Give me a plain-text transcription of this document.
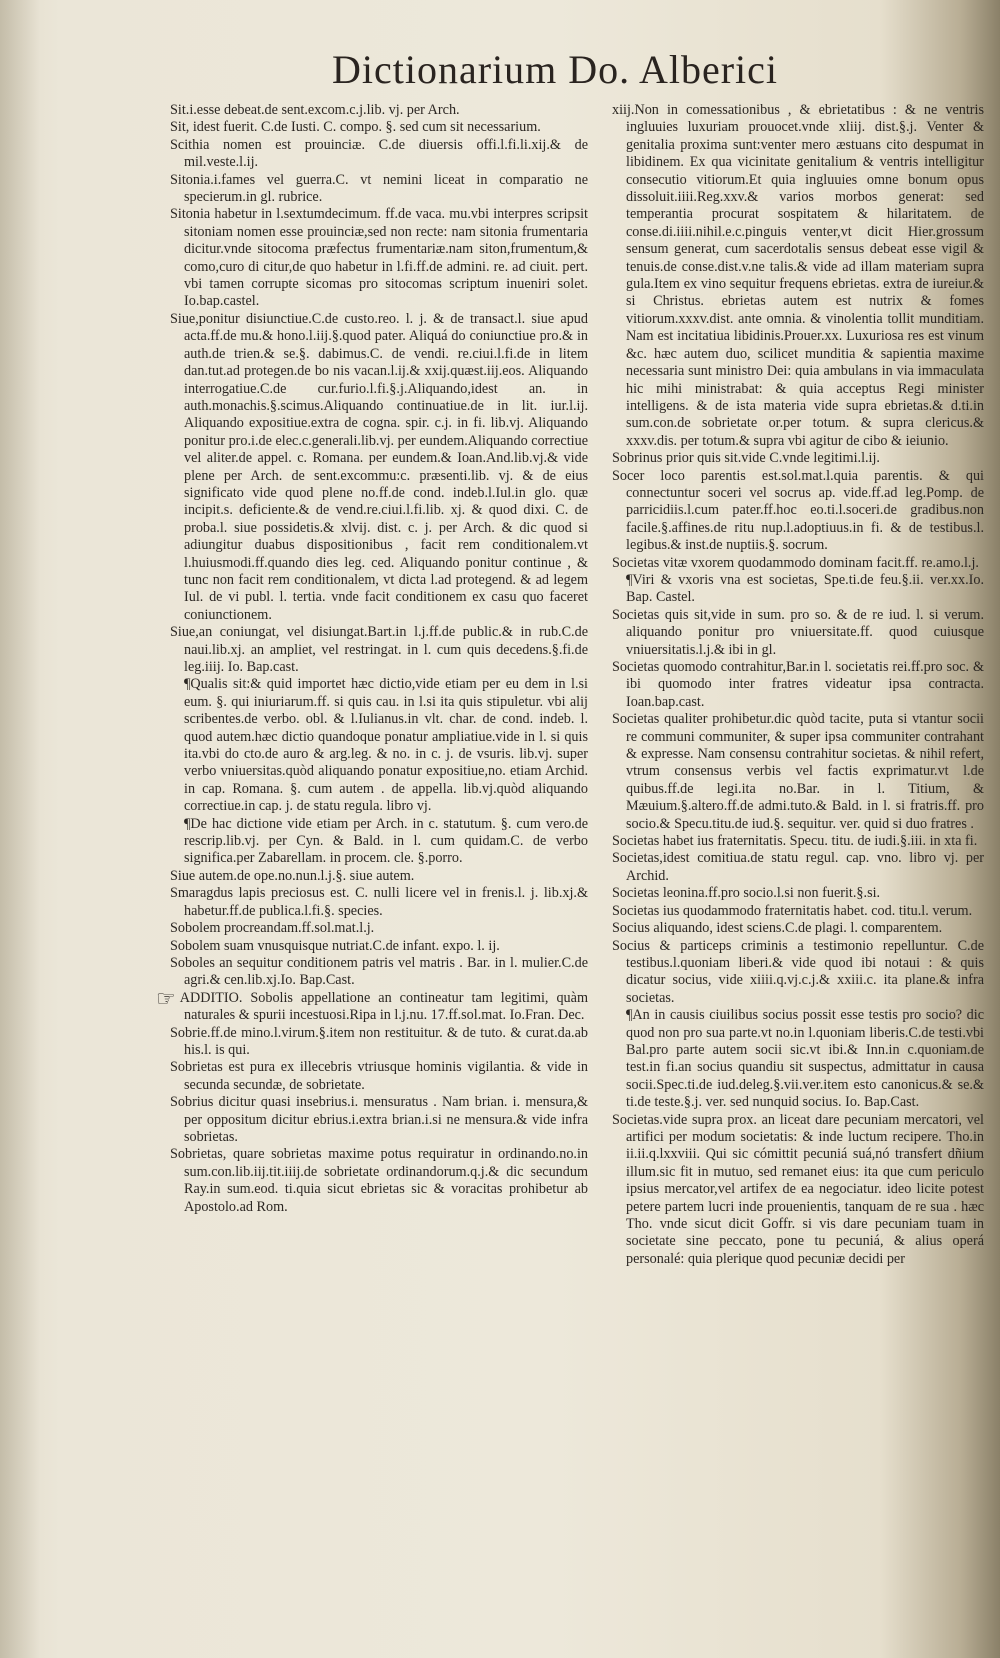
Dictionarium Do. Alberici

Sit.i.esse debeat.de sent.excom.c.j.lib. vj. per Arch.

Sit, idest fuerit. C.de Iusti. C. compo. §. sed cum sit necessarium.

Scithia nomen est prouinciæ. C.de diuersis offi.l.fi.li.xij.& de mil.veste.l.ij.

Sitonia.i.fames vel guerra.C. vt nemini liceat in comparatio ne specierum.in gl. rubrice.

Sitonia habetur in l.sextumdecimum. ff.de vaca. mu.vbi interpres scripsit sitoniam nomen esse prouinciæ,sed non recte: nam sitonia frumentaria dicitur.vnde sitocoma præfectus frumentariæ.nam siton,frumentum,& como,curo di citur,de quo habetur in l.fi.ff.de admini. re. ad ciuit. pert. vbi tamen corrupte sicomas pro sitocomas scriptum inueniri solet. Io.bap.castel.

Siue,ponitur disiunctiue.C.de custo.reo. l. j. & de transact.l. siue apud acta.ff.de mu.& hono.l.iij.§.quod pater. Aliquá do coniunctiue pro.& in auth.de trien.& se.§. dabimus.C. de vendi. re.ciui.l.fi.de in litem dan.tut.ad protegen.de bo nis vacan.l.ij.& xxij.quæst.iij.eos. Aliquando interrogatiue.C.de cur.furio.l.fi.§.j.Aliquando,idest an. in auth.monachis.§.scimus.Aliquando continuatiue.de in lit. iur.l.ij. Aliquando expositiue.extra de cogna. spir. c.j. in fi. lib.vj. Aliquando ponitur pro.i.de elec.c.generali.lib.vj. per eundem.Aliquando correctiue vel aliter.de appel. c. Romana. per eundem.& Ioan.And.lib.vj.& vide plene per Arch. de sent.excommu:c. præsenti.lib. vj. & de eius significato vide quod plene no.ff.de cond. indeb.l.Iul.in glo. quæ incipit.s. deficiente.& de vend.re.ciui.l.fi.lib. xj. & quod dixi. C. de proba.l. siue possidetis.& xlvij. dist. c. j. per Arch. & dic quod si adiungitur duabus dispositionibus , facit rem conditionalem.vt l.huiusmodi.ff.quando dies leg. ced. Aliquando ponitur continue , & tunc non facit rem conditionalem, vt dicta l.ad protegend. & ad legem Iul. de vi publ. l. tertia. vnde facit conditionem ex casu quo faceret coniunctionem.

Siue,an coniungat, vel disiungat.Bart.in l.j.ff.de public.& in rub.C.de naui.lib.xj. an ampliet, vel restringat. in l. cum quis decedens.§.fi.de leg.iiij. Io. Bap.cast.

¶Qualis sit:& quid importet hæc dictio,vide etiam per eu dem in l.si eum. §. qui iniuriarum.ff. si quis cau. in l.si ita quis stipuletur. vbi alij scribentes.de verbo. obl. & l.Iulianus.in vlt. char. de cond. indeb. l. quod autem.hæc dictio quandoque ponatur ampliatiue.vide in l. si quis ita.vbi do cto.de auro & arg.leg. & no. in c. j. de vsuris. lib.vj. super verbo vniuersitas.quòd aliquando ponatur expositiue,no. etiam Archid. in cap. Romana. §. cum autem . de appella. lib.vj.quòd aliquando correctiue.in cap. j. de statu regula. libro vj.

¶De hac dictione vide etiam per Arch. in c. statutum. §. cum vero.de rescrip.lib.vj. per Cyn. & Bald. in l. cum quidam.C. de verbo significa.per Zabarellam. in procem. cle. §.porro.

Siue autem.de ope.no.nun.l.j.§. siue autem.

Smaragdus lapis preciosus est. C. nulli licere vel in frenis.l. j. lib.xj.& habetur.ff.de publica.l.fi.§. species.

Sobolem procreandam.ff.sol.mat.l.j.

Sobolem suam vnusquisque nutriat.C.de infant. expo. l. ij.

Soboles an sequitur conditionem patris vel matris . Bar. in l. mulier.C.de agri.& cen.lib.xj.Io. Bap.Cast.

☞ ADDITIO. Sobolis appellatione an contineatur tam legitimi, quàm naturales & spurii incestuosi.Ripa in l.j.nu. 17.ff.sol.mat. Io.Fran. Dec.

Sobrie.ff.de mino.l.virum.§.item non restituitur. & de tuto. & curat.da.ab his.l. is qui.

Sobrietas est pura ex illecebris vtriusque hominis vigilantia. & vide in secunda secundæ, de sobrietate.

Sobrius dicitur quasi insebrius.i. mensuratus . Nam brian. i. mensura,& per oppositum dicitur ebrius.i.extra brian.i.si ne mensura.& vide infra sobrietas.

Sobrietas, quare sobrietas maxime potus requiratur in ordinando.no.in sum.con.lib.iij.tit.iiij.de sobrietate ordinandorum.q.j.& dic secundum Ray.in sum.eod. ti.quia sicut ebrietas sic & voracitas prohibetur ab Apostolo.ad Rom.

xiij.Non in comessationibus , & ebrietatibus : & ne ventris ingluuies luxuriam prouocet.vnde xliij. dist.§.j. Venter & genitalia proxima sunt:venter mero æstuans cito despumat in libidinem. Ex qua vicinitate genitalium & ventris intelligitur consecutio vitiorum.Et quia ingluuies omne bonum opus dissoluit.iiii.Reg.xxv.& varios morbos generat: sed temperantia procurat sospitatem & hilaritatem. de conse.di.iiii.nihil.e.c.pinguis venter,vt dicit Hier.grossum sensum generat, cum sacerdotalis sensus debeat esse vigil & tenuis.de conse.dist.v.ne talis.& vide ad illam materiam supra gula.Item ex vino sequitur frequens ebrietas. extra de iureiur.& si Christus. ebrietas autem est nutrix & fomes vitiorum.xxxv.dist. ante omnia. & vinolentia tollit munditiam. Nam est incitatiua libidinis.Prouer.xx. Luxuriosa res est vinum &c. hæc autem duo, scilicet munditia & sapientia maxime necessaria sunt ministro Dei: quia ambulans in via immaculata hic mihi ministrabat: & quia acceptus Regi minister intelligens. & de ista materia vide supra ebrietas.& d.ti.in sum.con.de sobrietate or.per totum. & supra clericus.& xxxv.dis. per totum.& supra vbi agitur de cibo & ieiunio.

Sobrinus prior quis sit.vide C.vnde legitimi.l.ij.

Socer loco parentis est.sol.mat.l.quia parentis. & qui connectuntur soceri vel socrus ap. vide.ff.ad leg.Pomp. de parricidiis.l.cum pater.ff.hoc eo.ti.l.soceri.de gradibus.non facile.§.affines.de ritu nup.l.adoptiuus.in fi. & de testibus.l. legibus.& inst.de nuptiis.§. socrum.

Societas vitæ vxorem quodammodo dominam facit.ff. re.amo.l.j.

¶Viri & vxoris vna est societas, Spe.ti.de feu.§.ii. ver.xx.Io. Bap. Castel.

Societas quis sit,vide in sum. pro so. & de re iud. l. si verum. aliquando ponitur pro vniuersitate.ff. quod cuiusque vniuersitatis.l.j.& ibi in gl.

Societas quomodo contrahitur,Bar.in l. societatis rei.ff.pro soc. & ibi quomodo inter fratres videatur ipsa contracta. Ioan.bap.cast.

Societas qualiter prohibetur.dic quòd tacite, puta si vtantur socii re communi communiter, & super ipsa communiter contrahant & expresse. Nam consensu contrahitur societas. & nihil refert, vtrum consensus verbis vel factis exprimatur.vt l.de quibus.ff.de legi.ita no.Bar. in l. Titium, & Mæuium.§.altero.ff.de admi.tuto.& Bald. in l. si fratris.ff. pro socio.& Specu.titu.de iud.§. sequitur. ver. quid si duo fratres .

Societas habet ius fraternitatis. Specu. titu. de iudi.§.iii. in xta fi.

Societas,idest comitiua.de statu regul. cap. vno. libro vj. per Archid.

Societas leonina.ff.pro socio.l.si non fuerit.§.si.

Societas ius quodammodo fraternitatis habet. cod. titu.l. verum.

Socius aliquando, idest sciens.C.de plagi. l. comparentem.

Socius & particeps criminis a testimonio repelluntur. C.de testibus.l.quoniam liberi.& vide quod ibi notaui : & quis dicatur socius, vide xiiii.q.vj.c.j.& xxiii.c. ita plane.& infra societas.

¶An in causis ciuilibus socius possit esse testis pro socio? dic quod non pro sua parte.vt no.in l.quoniam liberis.C.de testi.vbi Bal.pro parte autem socii sic.vt ibi.& Inn.in c.quoniam.de test.in fi.an socius quandiu sit suspectus, admittatur in causa socii.Spec.ti.de iud.deleg.§.vii.ver.item esto canonicus.& se.& ti.de teste.§.j. ver. sed nunquid socius. Io. Bap.Cast.

Societas.vide supra prox. an liceat dare pecuniam mercatori, vel artifici per modum societatis: & inde luctum recipere. Tho.in ii.ii.q.lxxviii. Qui sic cómittit pecuniá suá,nó transfert dñium illum.sic fit in mutuo, sed remanet eius: ita que cum periculo ipsius mercator,vel artifex de ea negociatur. ideo licite potest petere partem lucri inde prouenientis, tanquam de re sua . hæc Tho. vnde sicut dicit Goffr. si vis dare pecuniam tuam in societate sine peccato, pone tu pecuniá, & alius operá personalé: quia plerique quod pecuniæ decidi per
